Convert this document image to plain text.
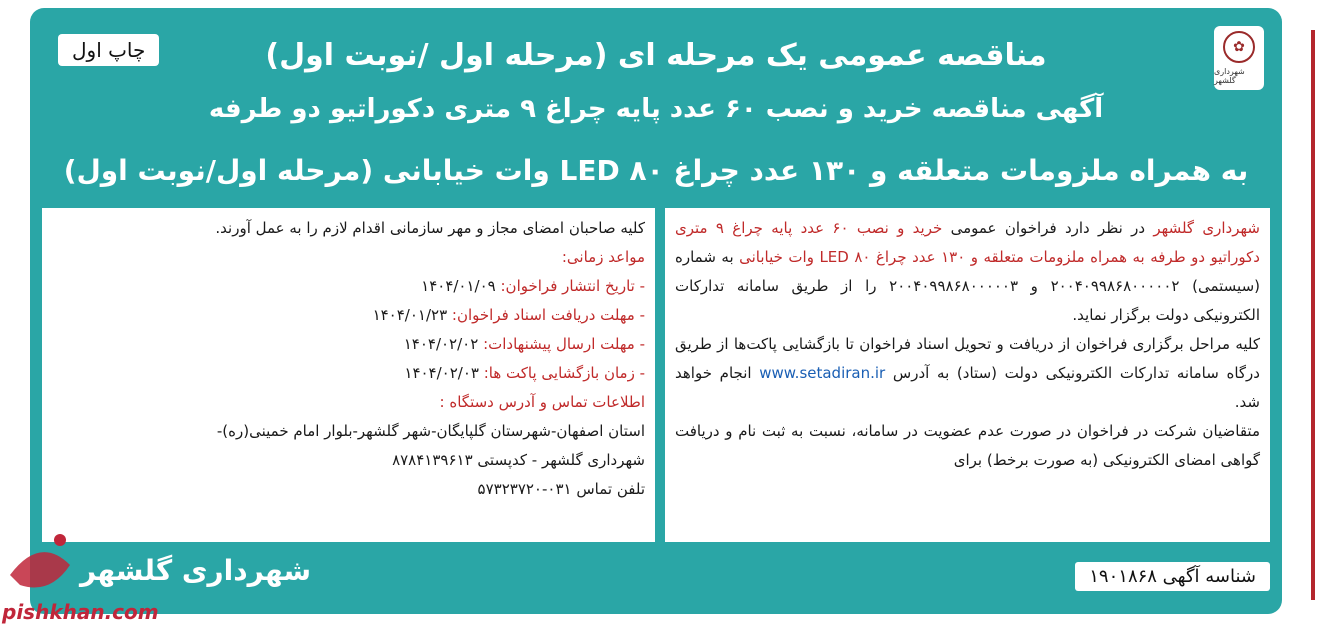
✿
شهرداری گلشهر
چاپ اول	مناقصه عمومی یک مرحله ای (مرحله اول /نوبت اول)
آگهی مناقصه خرید و نصب ۶۰ عدد پایه چراغ ۹ متری دکوراتیو دو طرفه
به همراه ملزومات متعلقه و ۱۳۰ عدد چراغ LED ۸۰ وات خیابانی (مرحله اول/نوبت اول)

شهرداری گلشهر در نظر دارد فراخوان عمومی خرید و نصب ۶۰ عدد پایه چراغ ۹ متری دکوراتیو دو طرفه به همراه ملزومات متعلقه و ۱۳۰ عدد چراغ LED ۸۰ وات خیابانی به شماره (سیستمی) ۲۰۰۴۰۹۹۸۶۸۰۰۰۰۰۲ و ۲۰۰۴۰۹۹۸۶۸۰۰۰۰۰۳ را از طریق سامانه تدارکات الکترونیکی دولت برگزار نماید.

کلیه مراحل برگزاری فراخوان از دریافت و تحویل اسناد فراخوان تا بازگشایی پاکت‌ها از طریق درگاه سامانه تدارکات الکترونیکی دولت (ستاد) به آدرس www.setadiran.ir انجام خواهد شد.

متقاضیان شرکت در فراخوان در صورت عدم عضویت در سامانه، نسبت به ثبت نام و دریافت گواهی امضای الکترونیکی (به صورت برخط) برای

کلیه صاحبان امضای مجاز و مهر سازمانی اقدام لازم را به عمل آورند.

مواعد زمانی:

- تاریخ انتشار فراخوان: ۱۴۰۴/۰۱/۰۹

- مهلت دریافت اسناد فراخوان: ۱۴۰۴/۰۱/۲۳

- مهلت ارسال پیشنهادات: ۱۴۰۴/۰۲/۰۲

- زمان بازگشایی پاکت ها: ۱۴۰۴/۰۲/۰۳

اطلاعات تماس و آدرس دستگاه :

استان اصفهان-شهرستان گلپایگان-شهر گلشهر-بلوار امام خمینی(ره)-

شهرداری گلشهر - کدپستی ۸۷۸۴۱۳۹۶۱۳

تلفن تماس ۰۳۱-۵۷۳۲۳۷۲۰

شهرداری گلشهر	شناسه آگهی ۱۹۰۱۸۶۸
pishkhan.com
